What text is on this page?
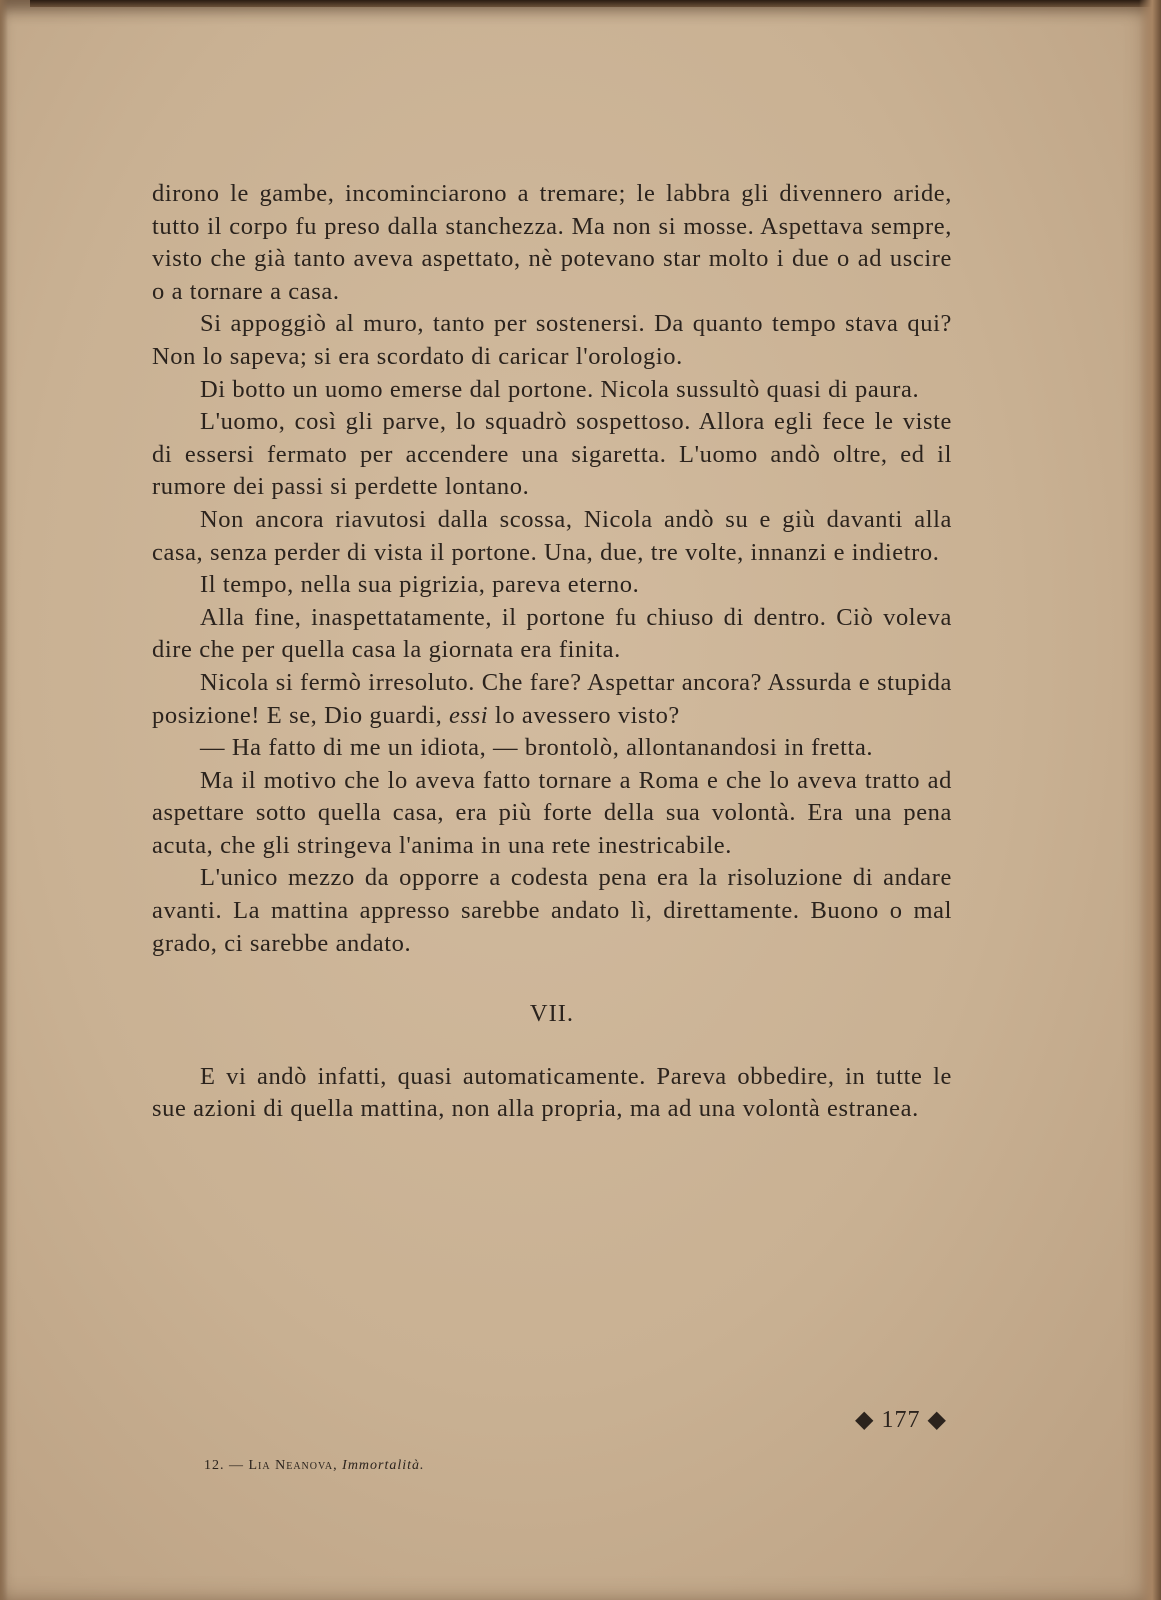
dirono le gambe, incominciarono a tremare; le labbra gli divennero aride, tutto il corpo fu preso dalla stanchezza. Ma non si mosse. Aspettava sempre, visto che già tanto aveva aspettato, nè potevano star molto i due o ad uscire o a tornare a casa.

Si appoggiò al muro, tanto per sostenersi. Da quanto tempo stava qui? Non lo sapeva; si era scordato di caricar l'orologio.

Di botto un uomo emerse dal portone. Nicola sussultò quasi di paura.

L'uomo, così gli parve, lo squadrò sospettoso. Allora egli fece le viste di essersi fermato per accendere una sigaretta. L'uomo andò oltre, ed il rumore dei passi si perdette lontano.

Non ancora riavutosi dalla scossa, Nicola andò su e giù davanti alla casa, senza perder di vista il portone. Una, due, tre volte, innanzi e indietro.

Il tempo, nella sua pigrizia, pareva eterno.

Alla fine, inaspettatamente, il portone fu chiuso di dentro. Ciò voleva dire che per quella casa la giornata era finita.

Nicola si fermò irresoluto. Che fare? Aspettar ancora? Assurda e stupida posizione! E se, Dio guardi, essi lo avessero visto?

— Ha fatto di me un idiota, — brontolò, allontanandosi in fretta.

Ma il motivo che lo aveva fatto tornare a Roma e che lo aveva tratto ad aspettare sotto quella casa, era più forte della sua volontà. Era una pena acuta, che gli stringeva l'anima in una rete inestricabile.

L'unico mezzo da opporre a codesta pena era la risoluzione di andare avanti. La mattina appresso sarebbe andato lì, direttamente. Buono o mal grado, ci sarebbe andato.

VII.

E vi andò infatti, quasi automaticamente. Pareva obbedire, in tutte le sue azioni di quella mattina, non alla propria, ma ad una volontà estranea.

◆ 177 ◆
12. — Lia Neanova, Immortalità.
